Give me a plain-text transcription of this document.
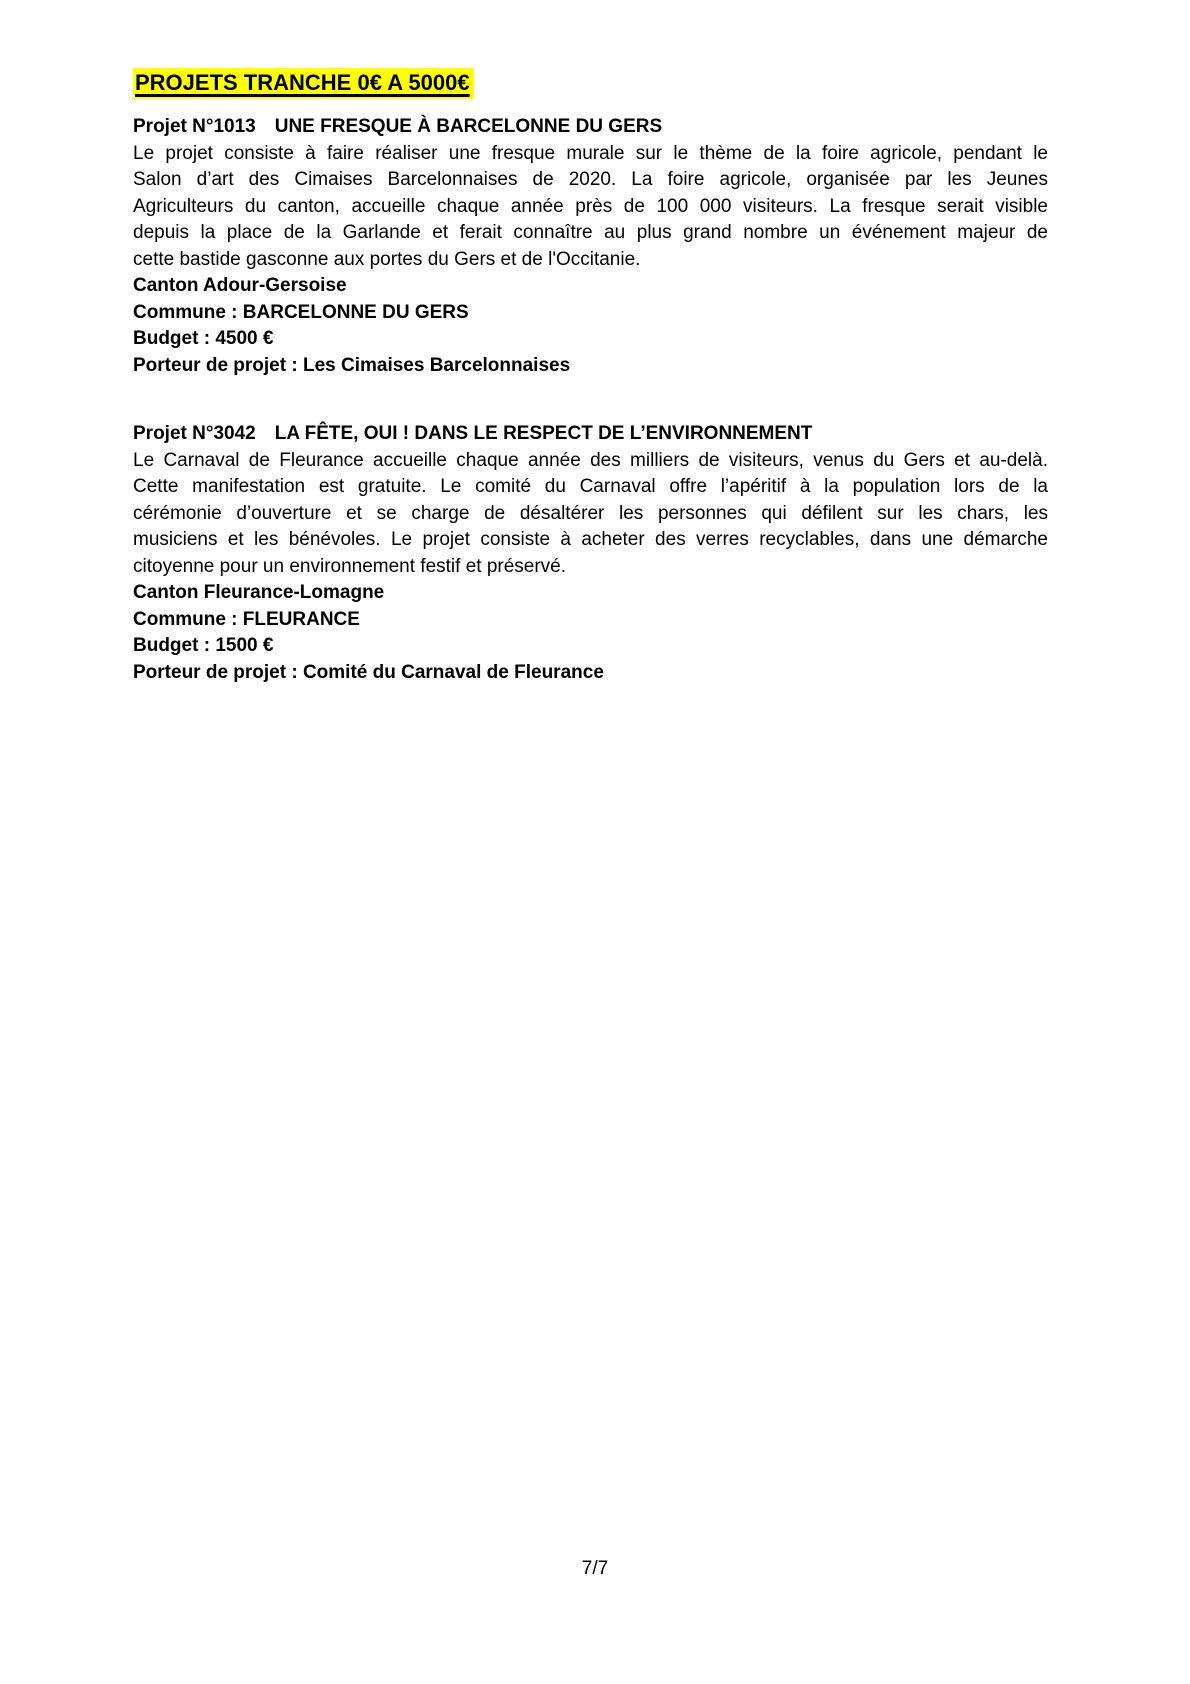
PROJETS TRANCHE 0€ A 5000€
Projet N°1013 UNE FRESQUE À BARCELONNE DU GERS
Le projet consiste à faire réaliser une fresque murale sur le thème de la foire agricole, pendant le
Salon d’art des Cimaises Barcelonnaises de 2020. La foire agricole, organisée par les Jeunes
Agriculteurs du canton, accueille chaque année près de 100 000 visiteurs. La fresque serait visible
depuis la place de la Garlande et ferait connaître au plus grand nombre un événement majeur de
cette bastide gasconne aux portes du Gers et de l'Occitanie.

Canton Adour-Gersoise

Commune : BARCELONNE DU GERS

Budget : 4500 €

Porteur de projet : Les Cimaises Barcelonnaises

Projet N°3042 LA FÊTE, OUI ! DANS LE RESPECT DE L’ENVIRONNEMENT
Le Carnaval de Fleurance accueille chaque année des milliers de visiteurs, venus du Gers et au-delà.
Cette manifestation est gratuite. Le comité du Carnaval offre l’apéritif à la population lors de la
cérémonie d’ouverture et se charge de désaltérer les personnes qui défilent sur les chars, les
musiciens et les bénévoles. Le projet consiste à acheter des verres recyclables, dans une démarche
citoyenne pour un environnement festif et préservé.

Canton Fleurance-Lomagne

Commune : FLEURANCE

Budget : 1500 €

Porteur de projet : Comité du Carnaval de Fleurance

7/7
